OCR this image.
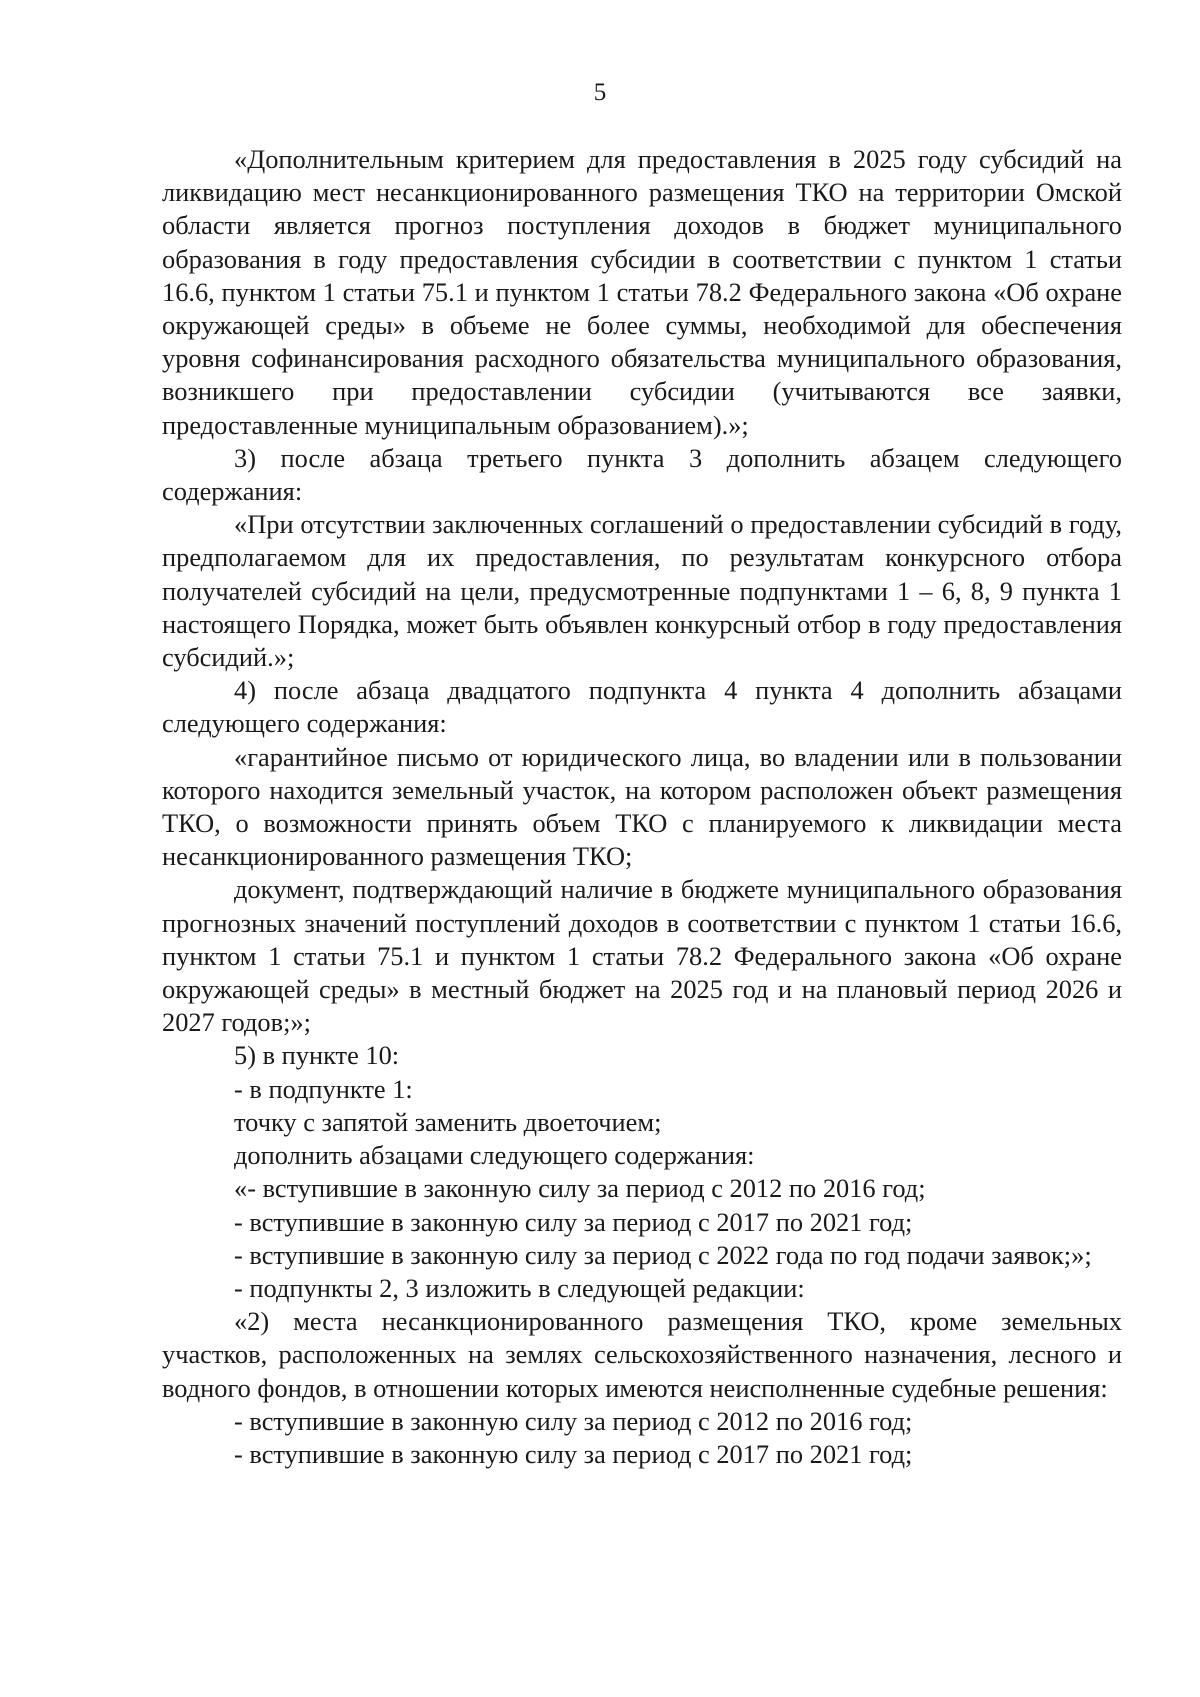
5

«Дополнительным критерием для предоставления в 2025 году субсидий на ликвидацию мест несанкционированного размещения ТКО на территории Омской области является прогноз поступления доходов в бюджет муниципального образования в году предоставления субсидии в соответствии с пунктом 1 статьи 16.6, пунктом 1 статьи 75.1 и пунктом 1 статьи 78.2 Федерального закона «Об охране окружающей среды» в объеме не более суммы, необходимой для обеспечения уровня софинансирования расходного обязательства муниципального образования, возникшего при предоставлении субсидии (учитываются все заявки, предоставленные муниципальным образованием).»;

3) после абзаца третьего пункта 3 дополнить абзацем следующего содержания:

«При отсутствии заключенных соглашений о предоставлении субсидий в году, предполагаемом для их предоставления, по результатам конкурсного отбора получателей субсидий на цели, предусмотренные подпунктами 1 – 6, 8, 9 пункта 1 настоящего Порядка, может быть объявлен конкурсный отбор в году предоставления субсидий.»;

4) после абзаца двадцатого подпункта 4 пункта 4 дополнить абзацами следующего содержания:

«гарантийное письмо от юридического лица, во владении или в пользовании которого находится земельный участок, на котором расположен объект размещения ТКО, о возможности принять объем ТКО с планируемого к ликвидации места несанкционированного размещения ТКО;

документ, подтверждающий наличие в бюджете муниципального образования прогнозных значений поступлений доходов в соответствии с пунктом 1 статьи 16.6, пунктом 1 статьи 75.1 и пунктом 1 статьи 78.2 Федерального закона «Об охране окружающей среды» в местный бюджет на 2025 год и на плановый период 2026 и 2027 годов;»;

5) в пункте 10:

- в подпункте 1:

точку с запятой заменить двоеточием;

дополнить абзацами следующего содержания:

«- вступившие в законную силу за период с 2012 по 2016 год;

- вступившие в законную силу за период с 2017 по 2021 год;

- вступившие в законную силу за период с 2022 года по год подачи заявок;»;

- подпункты 2, 3 изложить в следующей редакции:

«2) места несанкционированного размещения ТКО, кроме земельных участков, расположенных на землях сельскохозяйственного назначения, лесного и водного фондов, в отношении которых имеются неисполненные судебные решения:

- вступившие в законную силу за период с 2012 по 2016 год;

- вступившие в законную силу за период с 2017 по 2021 год;
